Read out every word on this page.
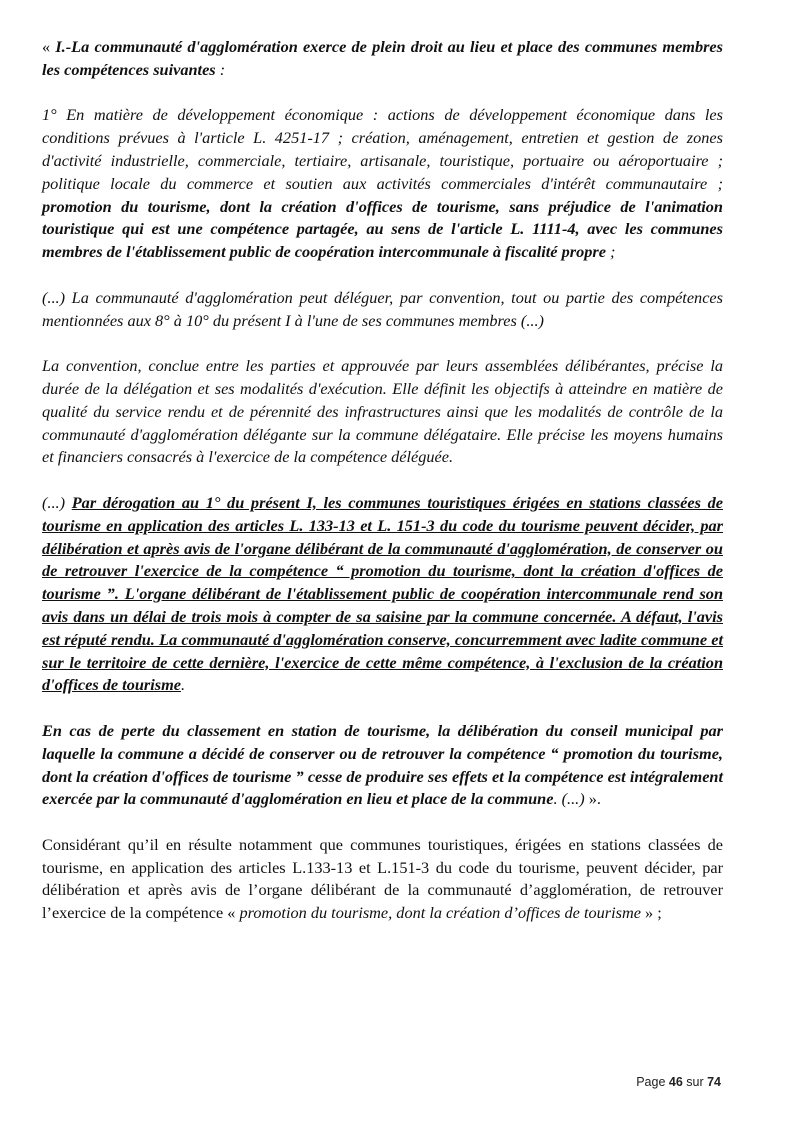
« I.-La communauté d'agglomération exerce de plein droit au lieu et place des communes membres les compétences suivantes :

1° En matière de développement économique : actions de développement économique dans les conditions prévues à l'article L. 4251-17 ; création, aménagement, entretien et gestion de zones d'activité industrielle, commerciale, tertiaire, artisanale, touristique, portuaire ou aéroportuaire ; politique locale du commerce et soutien aux activités commerciales d'intérêt communautaire ; promotion du tourisme, dont la création d'offices de tourisme, sans préjudice de l'animation touristique qui est une compétence partagée, au sens de l'article L. 1111-4, avec les communes membres de l'établissement public de coopération intercommunale à fiscalité propre ;

(...) La communauté d'agglomération peut déléguer, par convention, tout ou partie des compétences mentionnées aux 8° à 10° du présent I à l'une de ses communes membres (...)

La convention, conclue entre les parties et approuvée par leurs assemblées délibérantes, précise la durée de la délégation et ses modalités d'exécution. Elle définit les objectifs à atteindre en matière de qualité du service rendu et de pérennité des infrastructures ainsi que les modalités de contrôle de la communauté d'agglomération délégante sur la commune délégataire. Elle précise les moyens humains et financiers consacrés à l'exercice de la compétence déléguée.

(...) Par dérogation au 1° du présent I, les communes touristiques érigées en stations classées de tourisme en application des articles L. 133-13 et L. 151-3 du code du tourisme peuvent décider, par délibération et après avis de l'organe délibérant de la communauté d'agglomération, de conserver ou de retrouver l'exercice de la compétence “ promotion du tourisme, dont la création d'offices de tourisme ”. L'organe délibérant de l'établissement public de coopération intercommunale rend son avis dans un délai de trois mois à compter de sa saisine par la commune concernée. A défaut, l'avis est réputé rendu. La communauté d'agglomération conserve, concurremment avec ladite commune et sur le territoire de cette dernière, l'exercice de cette même compétence, à l'exclusion de la création d'offices de tourisme.

En cas de perte du classement en station de tourisme, la délibération du conseil municipal par laquelle la commune a décidé de conserver ou de retrouver la compétence “ promotion du tourisme, dont la création d'offices de tourisme ” cesse de produire ses effets et la compétence est intégralement exercée par la communauté d'agglomération en lieu et place de la commune. (...) ».

Considérant qu’il en résulte notamment que communes touristiques, érigées en stations classées de tourisme, en application des articles L.133-13 et L.151-3 du code du tourisme, peuvent décider, par délibération et après avis de l’organe délibérant de la communauté d’agglomération, de retrouver l’exercice de la compétence « promotion du tourisme, dont la création d’offices de tourisme » ;

Page 46 sur 74
